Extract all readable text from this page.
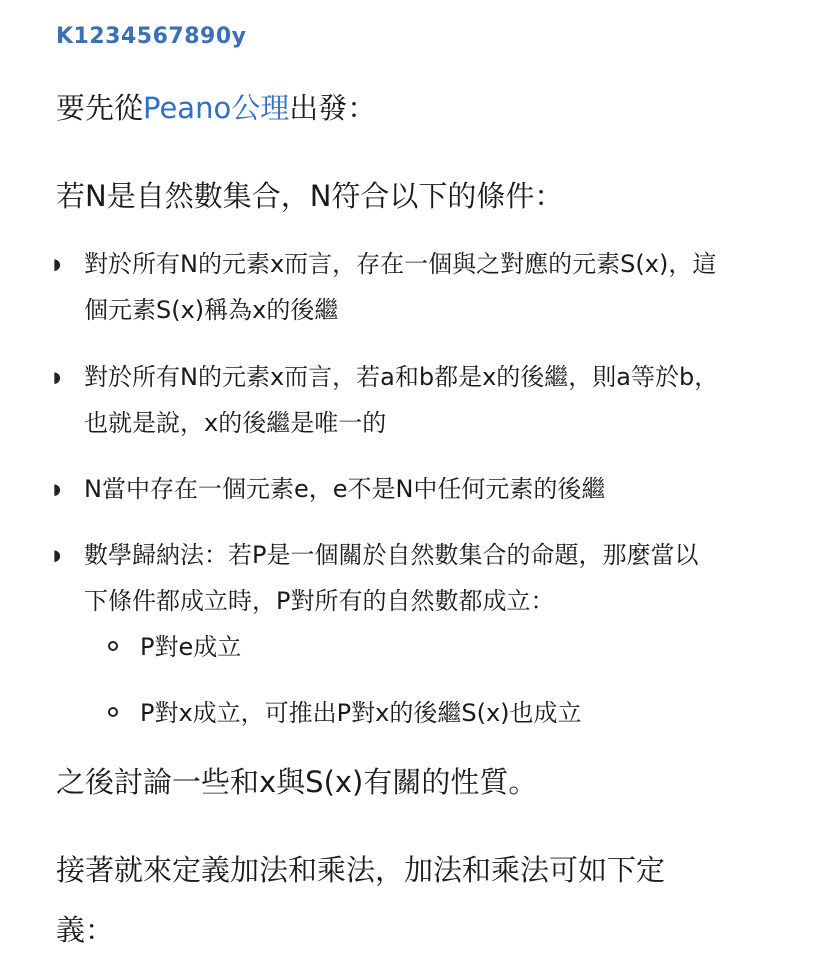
K1234567890y
要先從Peano公理出發：
若N是自然數集合，N符合以下的條件：
◗ 對於所有N的元素x而言，存在一個與之對應的元素S(x)，這
個元素S(x)稱為x的後繼
◗ 對於所有N的元素x而言，若a和b都是x的後繼，則a等於b，
也就是說，x的後繼是唯一的
◗ N當中存在一個元素e，e不是N中任何元素的後繼
◗ 數學歸納法：若P是一個關於自然數集合的命題，那麼當以
下條件都成立時，P對所有的自然數都成立：
P對e成立
P對x成立，可推出P對x的後繼S(x)也成立
之後討論一些和x與S(x)有關的性質。
接著就來定義加法和乘法，加法和乘法可如下定
義：
